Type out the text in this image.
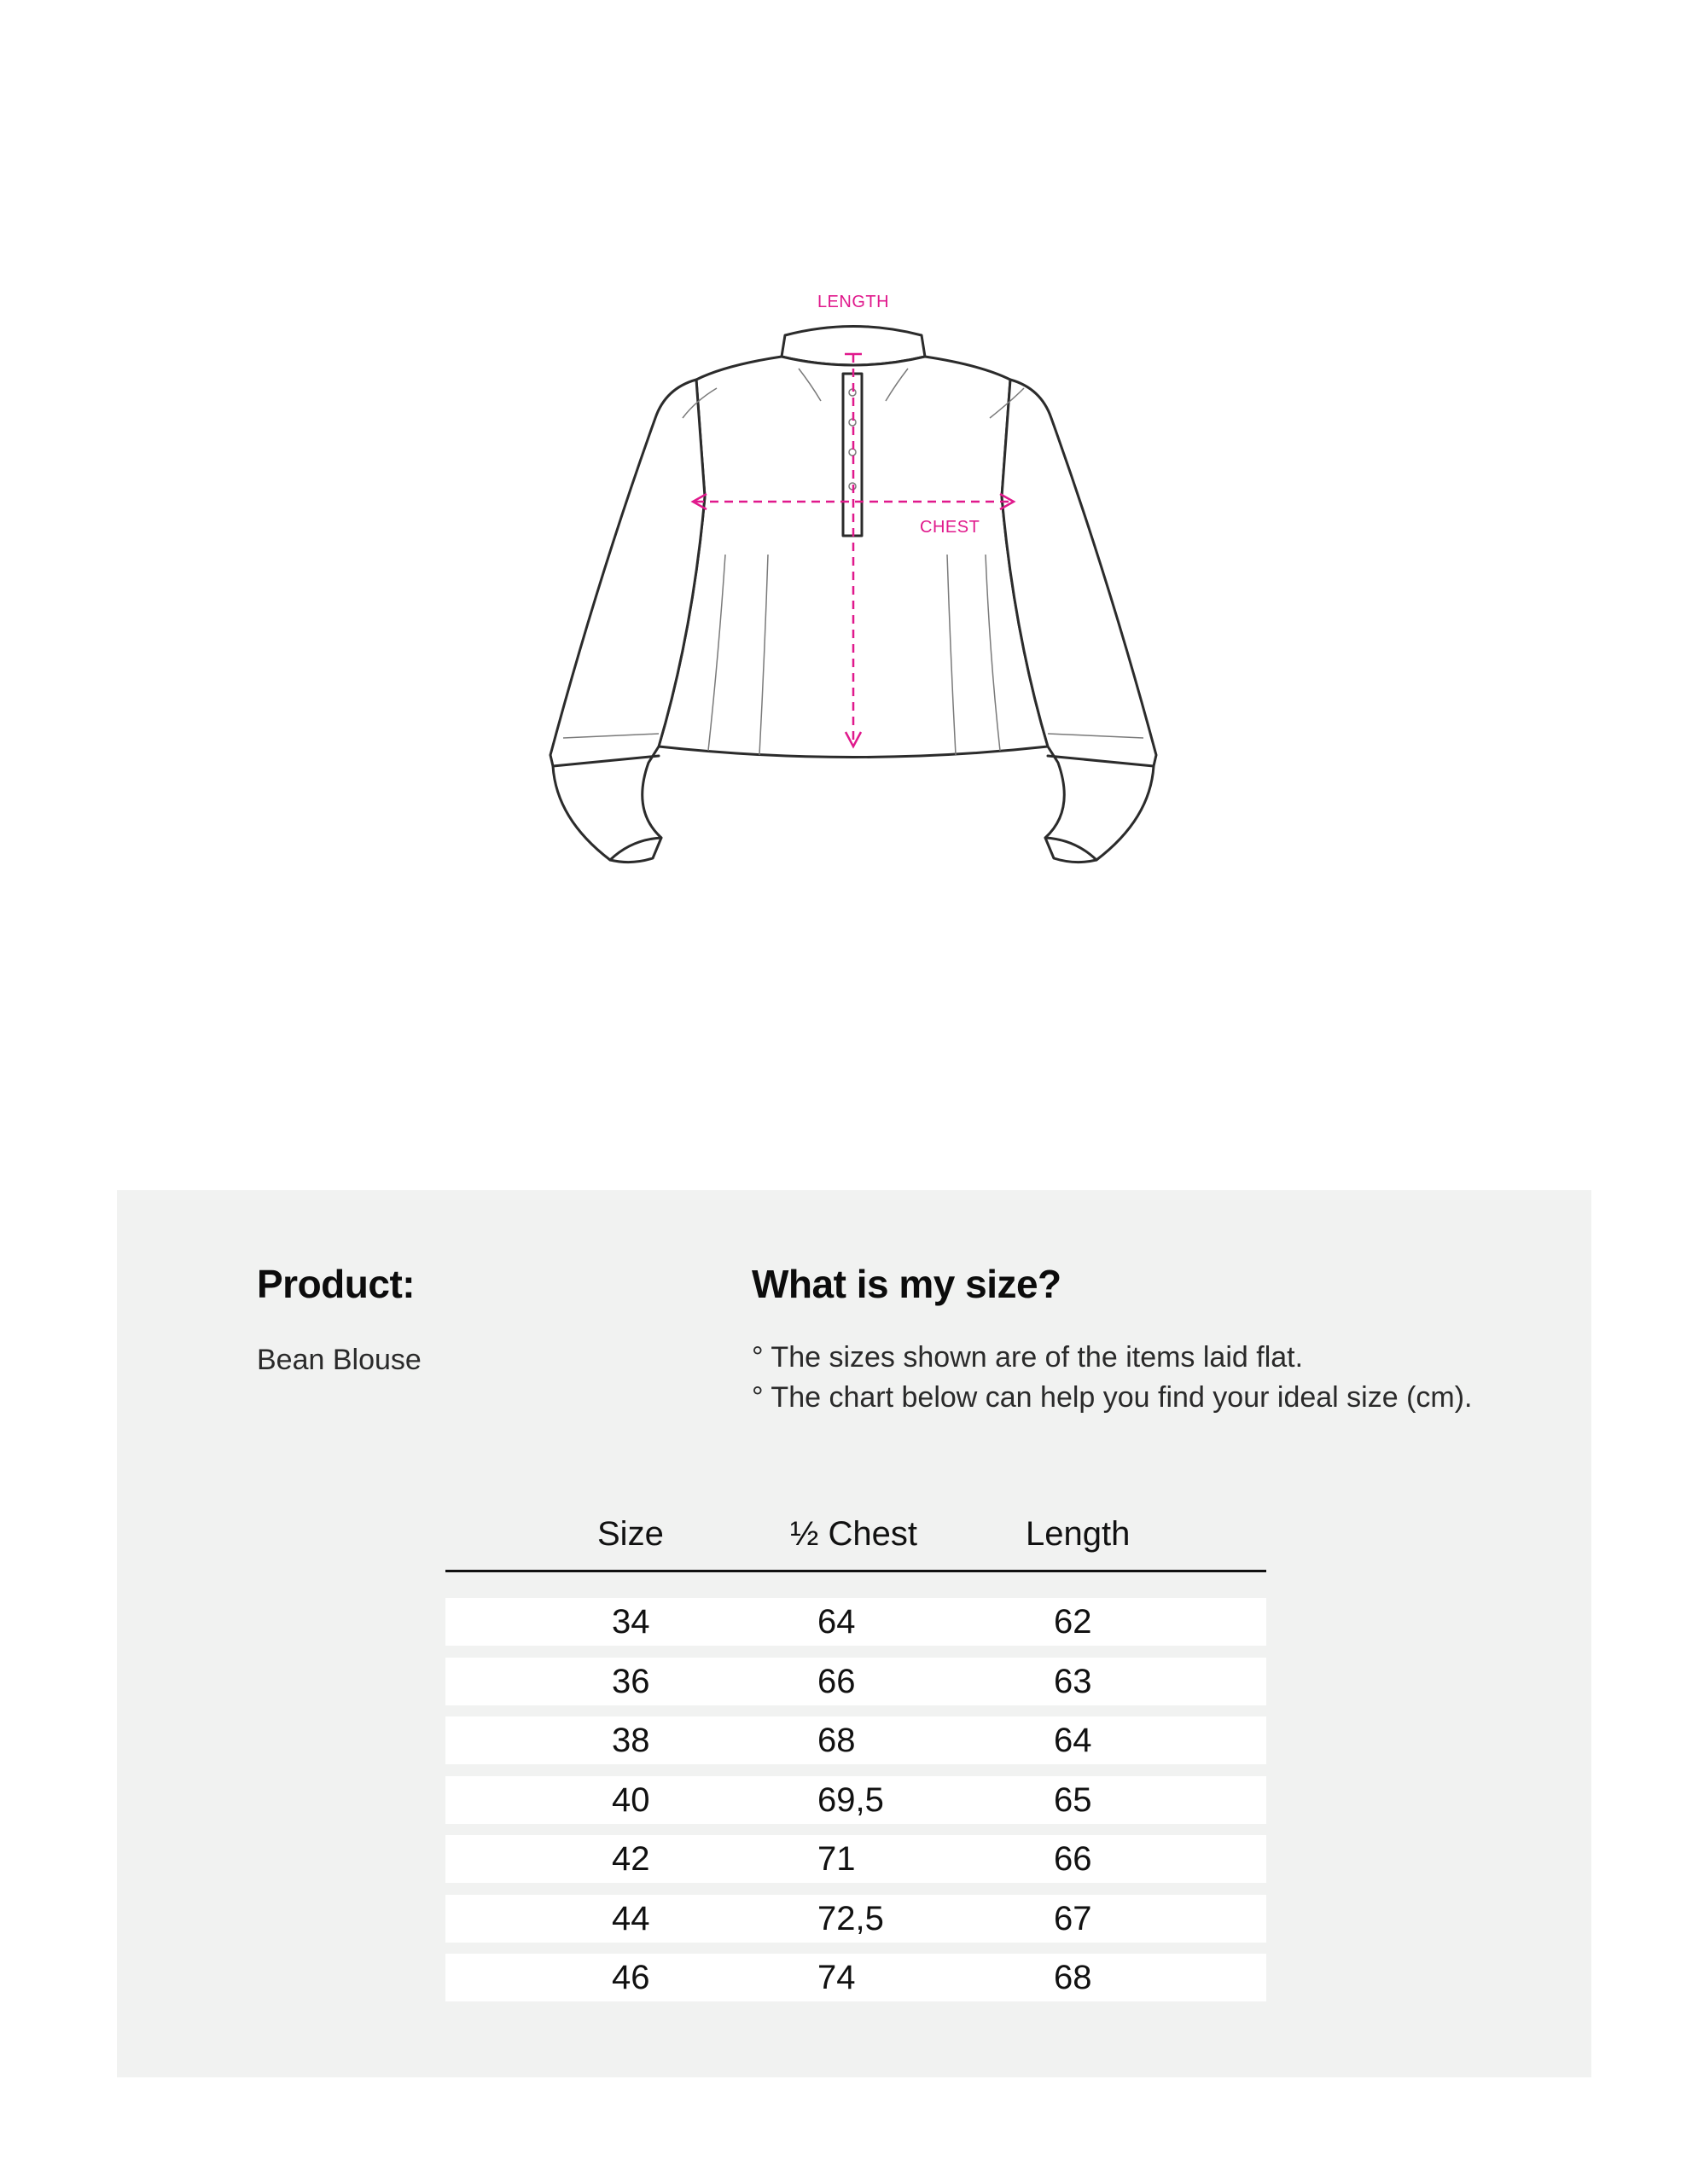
LENGTH
CHEST
Product:
Bean Blouse
What is my size?
° The sizes shown are of the items laid flat.
° The chart below can help you find your ideal size (cm).
Size	½ Chest	Length
34	64	62
36	66	63
38	68	64
40	69,5	65
42	71	66
44	72,5	67
46	74	68
